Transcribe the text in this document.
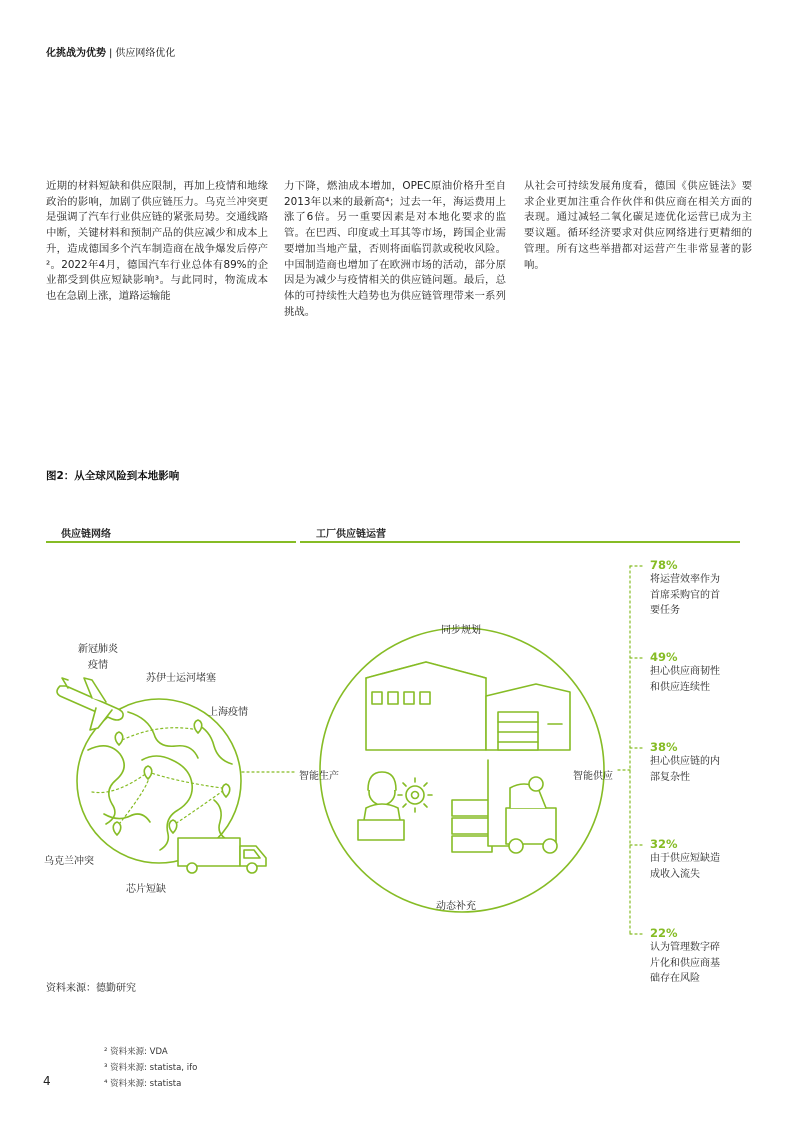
化挑战为优势 | 供应网络优化
近期的材料短缺和供应限制，再加上疫情和地缘政治的影响，加剧了供应链压力。乌克兰冲突更是强调了汽车行业供应链的紧张局势。交通线路中断，关键材料和预制产品的供应减少和成本上升，造成德国多个汽车制造商在战争爆发后停产²。2022年4月，德国汽车行业总体有89%的企业都受到供应短缺影响³。与此同时，物流成本也在急剧上涨，道路运输能
力下降，燃油成本增加，OPEC原油价格升至自2013年以来的最新高⁴；过去一年，海运费用上涨了6倍。另一重要因素是对本地化要求的监管。在巴西、印度或土耳其等市场，跨国企业需要增加当地产量，否则将面临罚款或税收风险。中国制造商也增加了在欧洲市场的活动，部分原因是为减少与疫情相关的供应链问题。最后，总体的可持续性大趋势也为供应链管理带来一系列挑战。
从社会可持续发展角度看，德国《供应链法》要求企业更加注重合作伙伴和供应商在相关方面的表现。通过减轻二氧化碳足迹优化运营已成为主要议题。循环经济要求对供应网络进行更精细的管理。所有这些举措都对运营产生非常显著的影响。
图2：从全球风险到本地影响
供应链网络	工厂供应链运营
新冠肺炎
疫情
苏伊士运河堵塞
上海疫情
乌克兰冲突
芯片短缺
同步规划
智能生产	智能供应
动态补充
78%
将运营效率作为
首席采购官的首
要任务
49%
担心供应商韧性
和供应连续性
38%
担心供应链的内
部复杂性
32%
由于供应短缺造
成收入流失
22%
认为管理数字碎
片化和供应商基
础存在风险
资料来源：德勤研究
² 资料来源: VDA
³ 资料来源: statista, ifo
⁴ 资料来源: statista
4
